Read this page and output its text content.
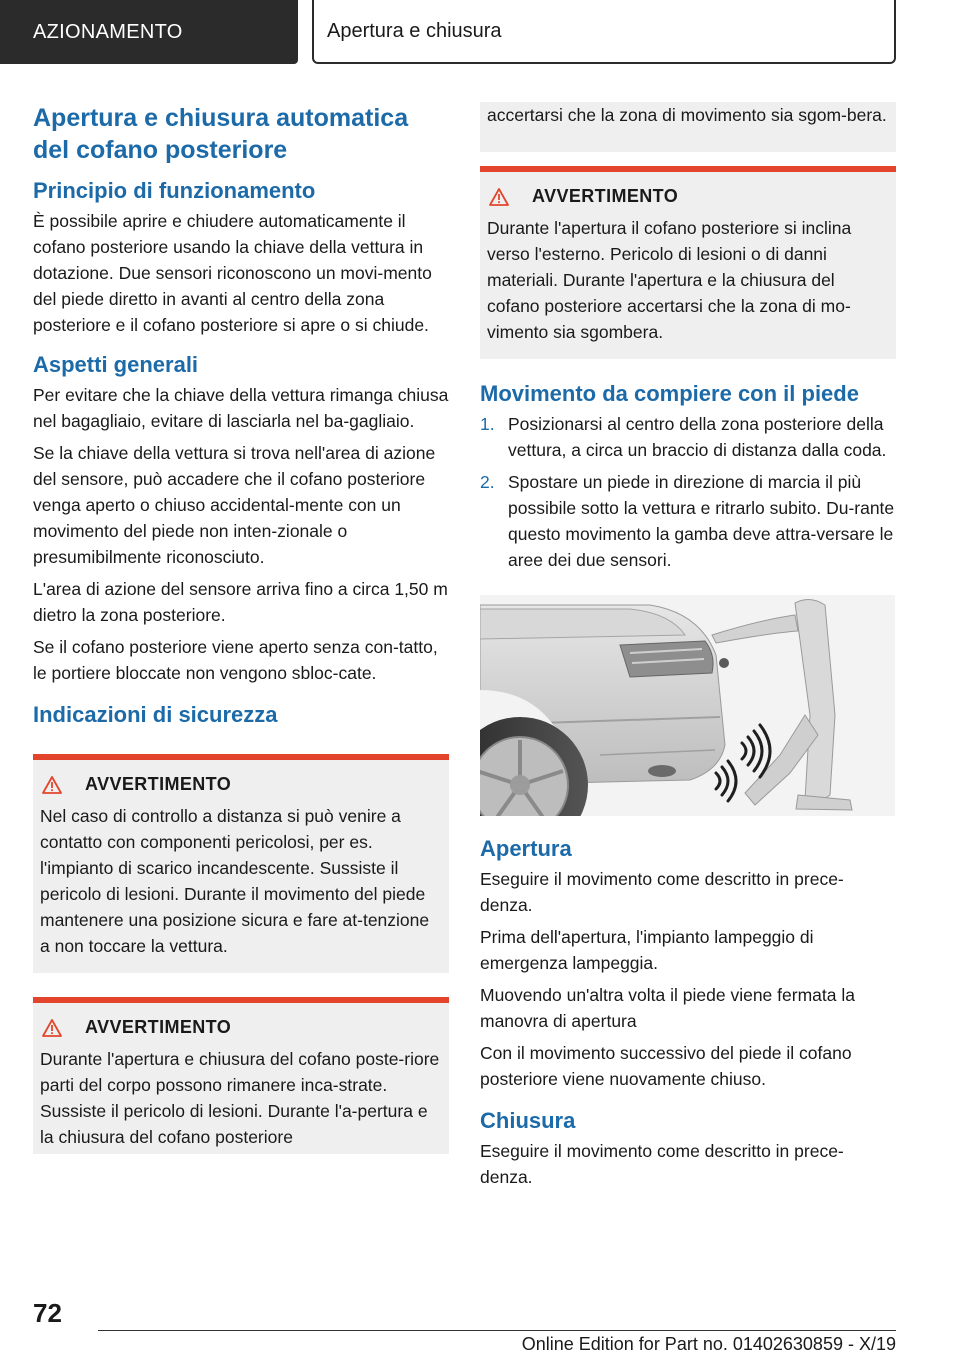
AZIONAMENTO	Apertura e chiusura
Apertura e chiusura automatica del cofano posteriore
Principio di funzionamento

È possibile aprire e chiudere automaticamente il cofano posteriore usando la chiave della vettura in dotazione. Due sensori riconoscono un movi-mento del piede diretto in avanti al centro della zona posteriore e il cofano posteriore si apre o si chiude.

Aspetti generali

Per evitare che la chiave della vettura rimanga chiusa nel bagagliaio, evitare di lasciarla nel ba-gagliaio.

Se la chiave della vettura si trova nell'area di azione del sensore, può accadere che il cofano posteriore venga aperto o chiuso accidental-mente con un movimento del piede non inten-zionale o presumibilmente riconosciuto.

L'area di azione del sensore arriva fino a circa 1,50 m dietro la zona posteriore.

Se il cofano posteriore viene aperto senza con-tatto, le portiere bloccate non vengono sbloc-cate.

Indicazioni di sicurezza
AVVERTIMENTO

Nel caso di controllo a distanza si può venire a contatto con componenti pericolosi, per es. l'impianto di scarico incandescente. Sussiste il pericolo di lesioni. Durante il movimento del piede mantenere una posizione sicura e fare at-tenzione a non toccare la vettura.

AVVERTIMENTO

Durante l'apertura e chiusura del cofano poste-riore parti del corpo possono rimanere inca-strate. Sussiste il pericolo di lesioni. Durante l'a-pertura e la chiusura del cofano posteriore

accertarsi che la zona di movimento sia sgom-bera.

AVVERTIMENTO

Durante l'apertura il cofano posteriore si inclina verso l'esterno. Pericolo di lesioni o di danni materiali. Durante l'apertura e la chiusura del cofano posteriore accertarsi che la zona di mo-vimento sia sgombera.

Movimento da compiere con il piede
1. Posizionarsi al centro della zona posteriore della vettura, a circa un braccio di distanza dalla coda.
2. Spostare un piede in direzione di marcia il più possibile sotto la vettura e ritrarlo subito. Du-rante questo movimento la gamba deve attra-versare le aree dei due sensori.
Apertura

Eseguire il movimento come descritto in prece-denza.

Prima dell'apertura, l'impianto lampeggio di emergenza lampeggia.

Muovendo un'altra volta il piede viene fermata la manovra di apertura

Con il movimento successivo del piede il cofano posteriore viene nuovamente chiuso.

Chiusura

Eseguire il movimento come descritto in prece-denza.

72
Online Edition for Part no. 01402630859 - X/19
